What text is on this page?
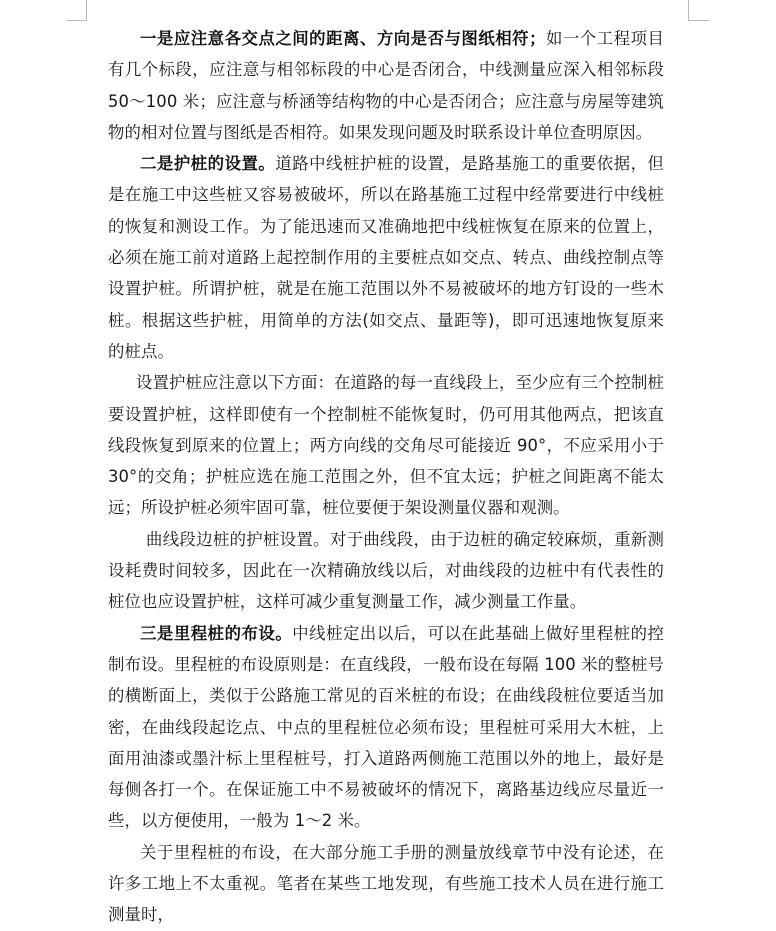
一是应注意各交点之间的距离、方向是否与图纸相符；如一个工程项目有几个标段，应注意与相邻标段的中心是否闭合，中线测量应深入相邻标段 50～100 米；应注意与桥涵等结构物的中心是否闭合；应注意与房屋等建筑物的相对位置与图纸是否相符。如果发现问题及时联系设计单位查明原因。

二是护桩的设置。道路中线桩护桩的设置，是路基施工的重要依据，但是在施工中这些桩又容易被破坏，所以在路基施工过程中经常要进行中线桩的恢复和测设工作。为了能迅速而又准确地把中线桩恢复在原来的位置上，必须在施工前对道路上起控制作用的主要桩点如交点、转点、曲线控制点等设置护桩。所谓护桩，就是在施工范围以外不易被破坏的地方钉设的一些木桩。根据这些护桩，用简单的方法(如交点、量距等)，即可迅速地恢复原来的桩点。

设置护桩应注意以下方面：在道路的每一直线段上，至少应有三个控制桩要设置护桩，这样即使有一个控制桩不能恢复时，仍可用其他两点，把该直线段恢复到原来的位置上；两方向线的交角尽可能接近 90°，不应采用小于 30°的交角；护桩应选在施工范围之外，但不宜太远；护桩之间距离不能太远；所设护桩必须牢固可靠，桩位要便于架设测量仪器和观测。

曲线段边桩的护桩设置。对于曲线段，由于边桩的确定较麻烦，重新测设耗费时间较多，因此在一次精确放线以后，对曲线段的边桩中有代表性的桩位也应设置护桩，这样可减少重复测量工作，减少测量工作量。

三是里程桩的布设。中线桩定出以后，可以在此基础上做好里程桩的控制布设。里程桩的布设原则是：在直线段，一般布设在每隔 100 米的整桩号的横断面上，类似于公路施工常见的百米桩的布设；在曲线段桩位要适当加密，在曲线段起讫点、中点的里程桩位必须布设；里程桩可采用大木桩，上面用油漆或墨汁标上里程桩号，打入道路两侧施工范围以外的地上，最好是每侧各打一个。在保证施工中不易被破坏的情况下，离路基边线应尽量近一些，以方便使用，一般为 1～2 米。

关于里程桩的布设，在大部分施工手册的测量放线章节中没有论述，在许多工地上不太重视。笔者在某些工地发现，有些施工技术人员在进行施工测量时，
